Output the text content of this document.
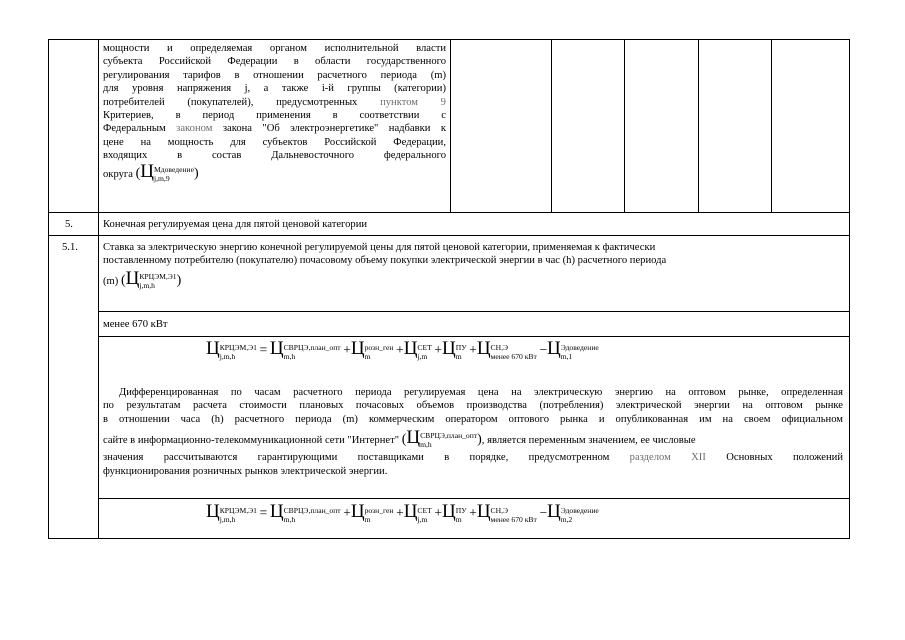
мощности и определяемая органом исполнительной власти
субъекта Российской Федерации в области государственного
регулирования тарифов в отношении расчетного периода (m)
для уровня напряжения j, а также i-й группы (категории)
потребителей (покупателей), предусмотренных пунктом 9
Критериев, в период применения в соответствии с
Федеральным законом закона "Об электроэнергетике" надбавки к
цене на мощность для субъектов Российской Федерации,
входящих в состав Дальневосточного федерального
округа (Ц Мдоведение
j,m,9	)
5.	Конечная регулируемая цена для пятой ценовой категории
5.1. Ставка за электрическую энергию конечной регулируемой цены для пятой ценовой категории, применяемая к фактически
поставленному потребителю (покупателю) почасовому объему покупки электрической энергии в час (h) расчетного периода
(m) (Ц КРЦЭМ,Э1
j,m,h	)
менее 670 кВт
Ц КРЦЭМ,Э1
j,m,h	= Ц СВРЦЭ,план_опт
m,h	+Ц розн_ген
m	+Ц СЕТ
j,m +Ц ПУ
m +Ц СН,Э
менее 670 кВт −Ц Эдоведение
m,1
Дифференцированная по часам расчетного периода регулируемая цена на электрическую энергию на оптовом рынке, определенная
по результатам расчета стоимости плановых почасовых объемов производства (потребления) электрической энергии на оптовом рынке
в отношении часа (h) расчетного периода (m) коммерческим оператором оптового рынка и опубликованная им на своем официальном
сайте в информационно-телекоммуникационной сети "Интернет" (Ц СВРЦЭ,план_опт
m,h	), является переменным значением, ее числовые
значения рассчитываются гарантирующими поставщиками в порядке, предусмотренном разделом XII Основных положений
функционирования розничных рынков электрической энергии.
Ц КРЦЭМ,Э1
j,m,h	= Ц СВРЦЭ,план_опт
m,h	+Ц розн_ген
m	+Ц СЕТ
j,m +Ц ПУ
m +Ц СН,Э
менее 670 кВт −Ц Эдоведение
m,2
